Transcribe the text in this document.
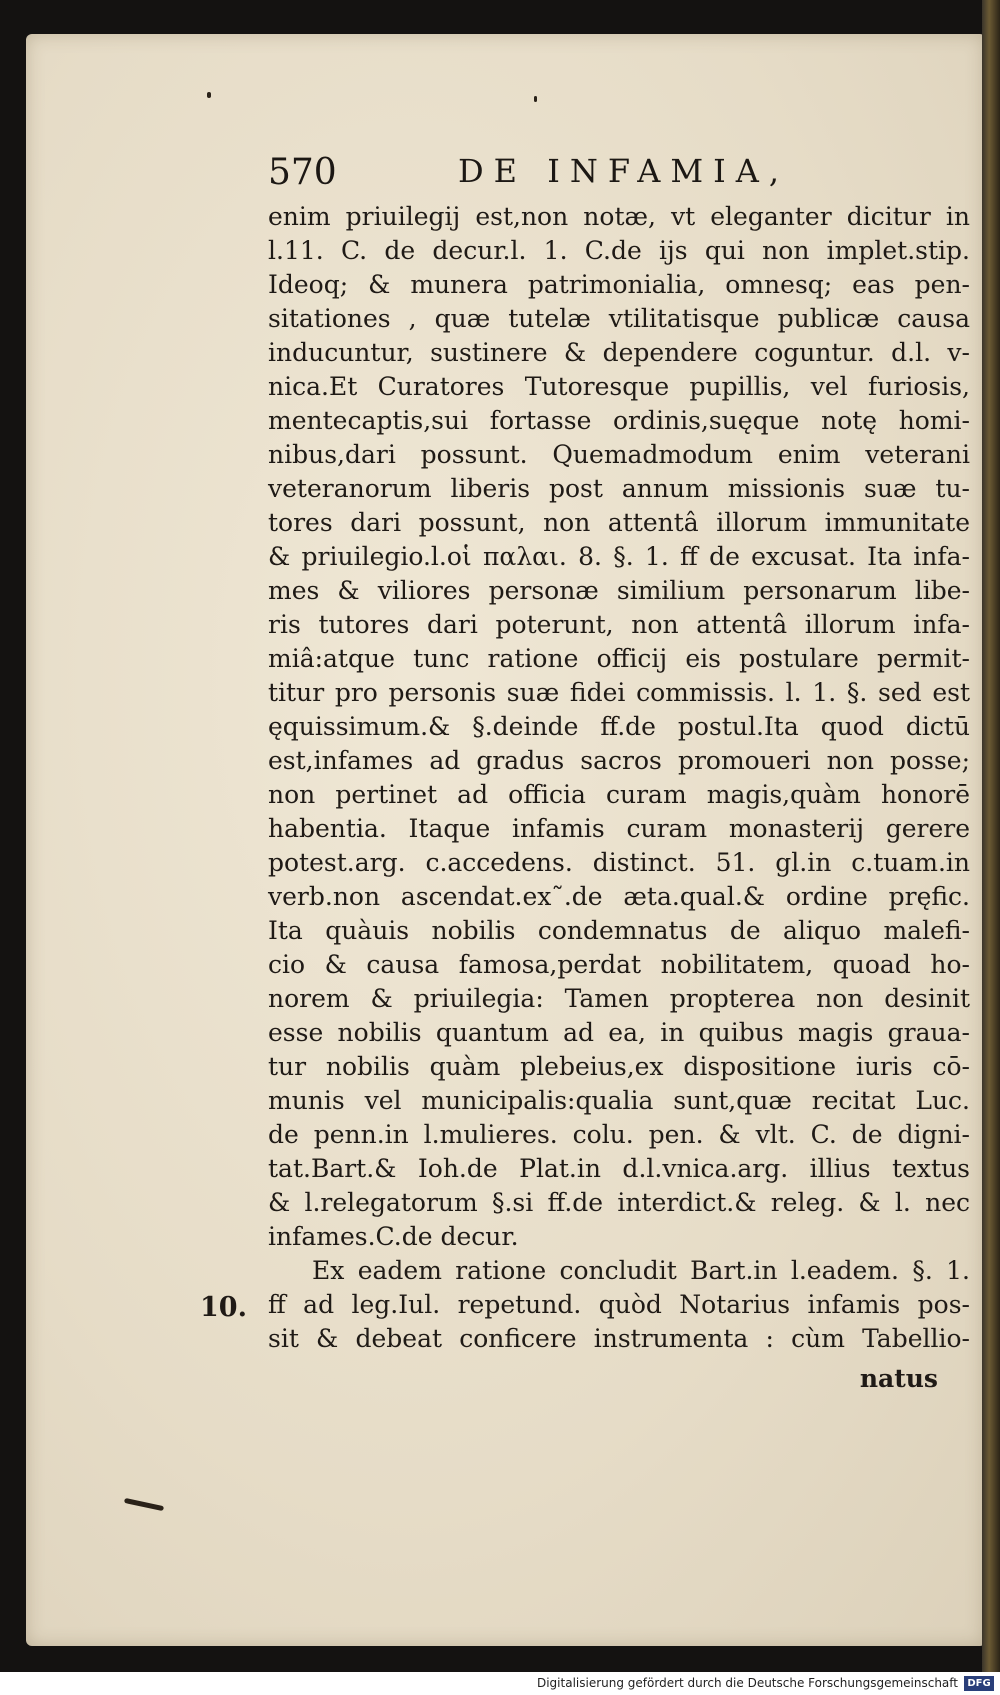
570	DE INFAMIA,
enim priuilegij est,non notæ, vt eleganter dicitur in
l.11. C. de decur.l. 1. C.de ijs qui non implet.stip.
Ideoq; & munera patrimonialia, omnesq; eas pen-
sitationes , quæ tutelæ vtilitatisque publicæ causa
inducuntur, sustinere & dependere coguntur. d.l. v-
nica.Et Curatores Tutoresque pupillis, vel furiosis,
mentecaptis,sui fortasse ordinis,suęque notę homi-
nibus,dari possunt. Quemadmodum enim veterani
veteranorum liberis post annum missionis suæ tu-
tores dari possunt, non attentâ illorum immunitate
& priuilegio.l.οἱ παλαι. 8. §. 1. ff de excusat. Ita infa-
mes & viliores personæ similium personarum libe-
ris tutores dari poterunt, non attentâ illorum infa-
miâ:atque tunc ratione officij eis postulare permit-
titur pro personis suæ fidei commissis. l. 1. §. sed est
ęquissimum.& §.deinde ff.de postul.Ita quod dictū
est,infames ad gradus sacros promoueri non posse;
non pertinet ad officia curam magis,quàm honorē
habentia. Itaque infamis curam monasterij gerere
potest.arg. c.accedens. distinct. 51. gl.in c.tuam.in
verb.non ascendat.ex˜.de æta.qual.& ordine pręfic.
Ita quàuis nobilis condemnatus de aliquo malefi-
cio & causa famosa,perdat nobilitatem, quoad ho-
norem & priuilegia: Tamen propterea non desinit
esse nobilis quantum ad ea, in quibus magis graua-
tur nobilis quàm plebeius,ex dispositione iuris cō-
munis vel municipalis:qualia sunt,quæ recitat Luc.
de penn.in l.mulieres. colu. pen. & vlt. C. de digni-
tat.Bart.& Ioh.de Plat.in d.l.vnica.arg. illius textus
& l.relegatorum §.si ff.de interdict.& releg. & l. nec
infames.C.de decur.
Ex eadem ratione concludit Bart.in l.eadem. §. 1.
ff ad leg.Iul. repetund. quòd Notarius infamis pos-
sit & debeat conficere instrumenta : cùm Tabellio-
10.
natus
Digitalisierung gefördert durch die Deutsche Forschungsgemeinschaft DFG
